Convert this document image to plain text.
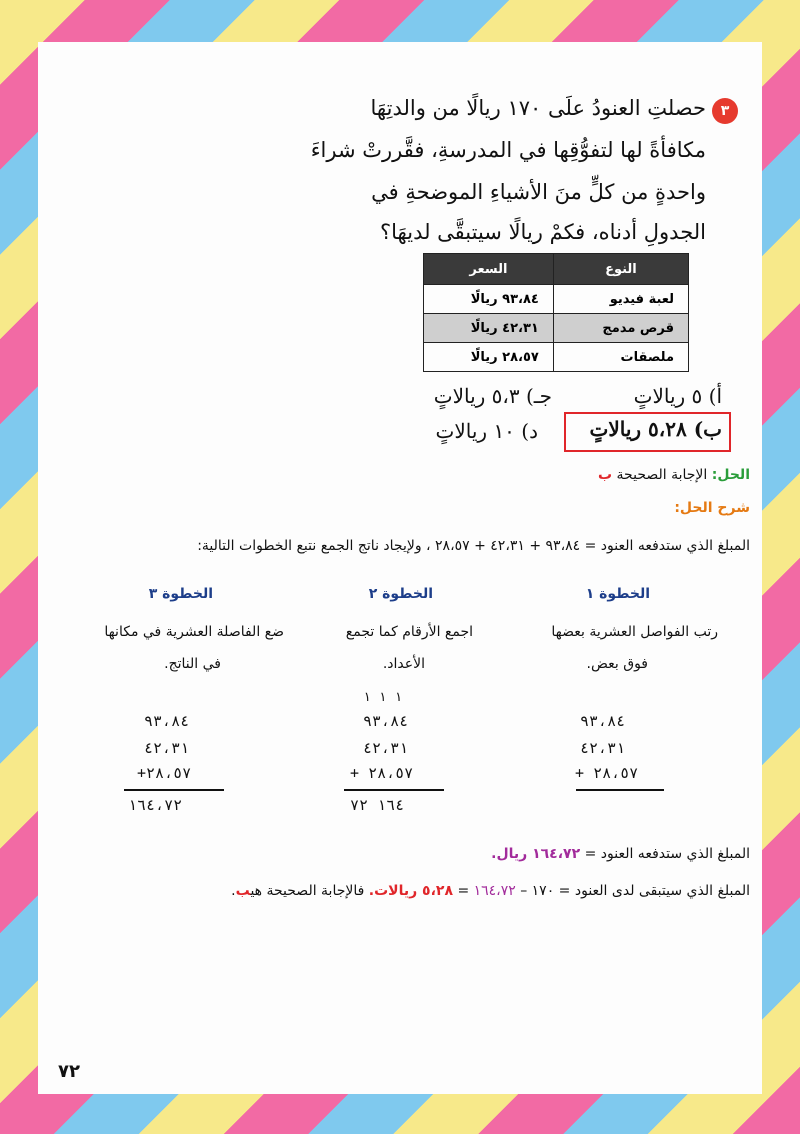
٣
حصلتِ العنودُ علَى ١٧٠ ريالًا من والدتِهَا
مكافأةً لها لتفوُّقِها في المدرسةِ، فقَّررتْ شراءَ
واحدةٍ من كلٍّ منَ الأشياءِ الموضحةِ في
الجدولِ أدناه، فكمْ ريالًا سيتبقَّى لديهَا؟
النوع	السعر
لعبة فيديو	٩٣،٨٤ ريالًا
قرص مدمج	٤٢،٣١ ريالًا
ملصقات	٢٨،٥٧ ريالًا
أ) ٥ ريالاتٍ
جـ) ٥،٣ ريالاتٍ
ب) ٥،٢٨ ريالاتٍ
د) ١٠ ريالاتٍ
الحل: الإجابة الصحيحة ب
شرح الحل:
المبلغ الذي ستدفعه العنود = ٩٣،٨٤ + ٤٢،٣١ + ٢٨،٥٧ ، ولإيجاد ناتج الجمع نتبع الخطوات التالية:
الخطوة ١
رتب الفواصل العشرية بعضها
فوق بعض.
٩٣،٨٤
٤٢،٣١
+ ٢٨،٥٧
الخطوة ٢
اجمع الأرقام كما تجمع
الأعداد.
١ ١ ١
٩٣،٨٤
٤٢،٣١
+ ٢٨،٥٧
١٦٤ ٧٢
الخطوة ٣
ضع الفاصلة العشرية في مكانها
في الناتج.
٩٣،٨٤
٤٢،٣١
+٢٨،٥٧
١٦٤،٧٢
المبلغ الذي ستدفعه العنود = ١٦٤،٧٢ ريال.
المبلغ الذي سيتبقى لدى العنود = ١٧٠ – ١٦٤،٧٢ = ٥،٢٨ ريالات. فالإجابة الصحيحة هيب.
٧٢
